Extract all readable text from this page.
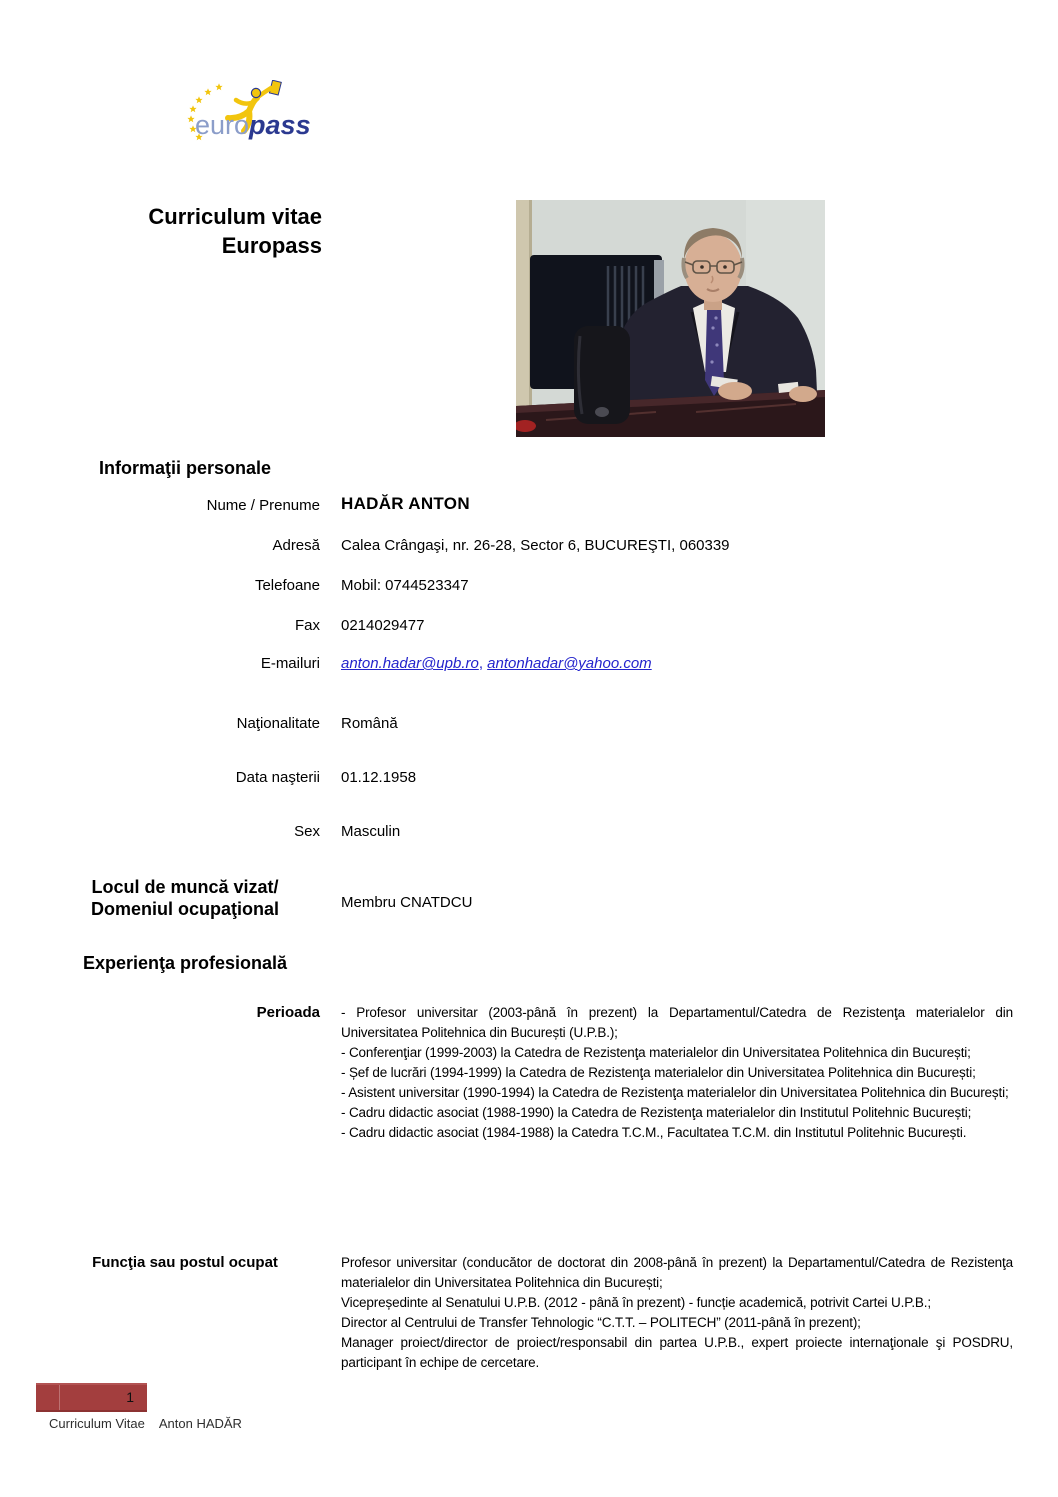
europass
Curriculum vitae
Europass
Informaţii personale
Nume / Prenume HADĂR ANTON
Adresă Calea Crângaşi, nr. 26-28, Sector 6, BUCUREŞTI, 060339
Telefoane Mobil: 0744523347
Fax 0214029477
E-mailuri anton.hadar@upb.ro, antonhadar@yahoo.com
Naţionalitate Română
Data naşterii 01.12.1958
Sex Masculin
Locul de muncă vizat/
Domeniul ocupaţional	Membru CNATDCU
Experienţa profesională
Perioada - Profesor universitar (2003-până în prezent) la Departamentul/Catedra de Rezistenţa materialelor din Universitatea Politehnica din București (U.P.B.);
- Conferenţiar (1999-2003) la Catedra de Rezistenţa materialelor din Universitatea Politehnica din București;
- Șef de lucrări (1994-1999) la Catedra de Rezistenţa materialelor din Universitatea Politehnica din București;
- Asistent universitar (1990-1994) la Catedra de Rezistenţa materialelor din Universitatea Politehnica din București;
- Cadru didactic asociat (1988-1990) la Catedra de Rezistenţa materialelor din Institutul Politehnic București;
- Cadru didactic asociat (1984-1988) la Catedra T.C.M., Facultatea T.C.M. din Institutul Politehnic București.
Funcţia sau postul ocupat	Profesor universitar (conducător de doctorat din 2008-până în prezent) la Departamentul/Catedra de Rezistenţa materialelor din Universitatea Politehnica din București;
Vicepreședinte al Senatului U.P.B. (2012 - până în prezent) - funcție academică, potrivit Cartei U.P.B.;
Director al Centrului de Transfer Tehnologic “C.T.T. – POLITECH” (2011-până în prezent);
Manager proiect/director de proiect/responsabil din partea U.P.B., expert proiecte internaţionale şi POSDRU, participant în echipe de cercetare.
1
Curriculum Vitae Anton HADĂR
